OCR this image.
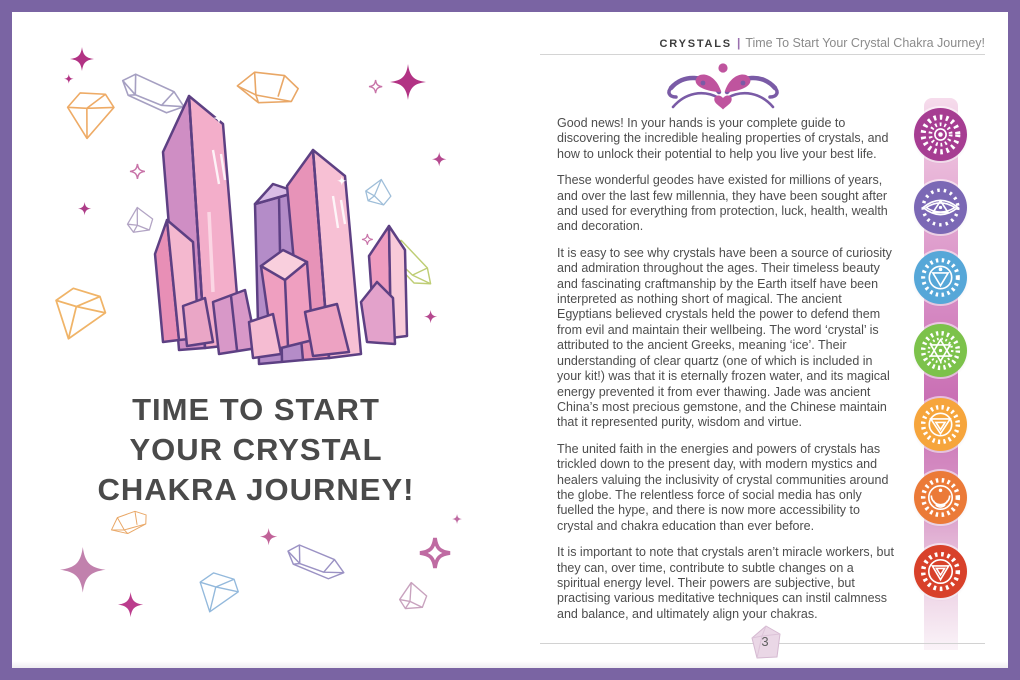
TIME TO START
YOUR CRYSTAL
CHAKRA JOURNEY!
CRYSTALS | Time To Start Your Crystal Chakra Journey!

Good news! In your hands is your complete guide to discovering the incredible healing properties of crystals, and how to unlock their potential to help you live your best life.

These wonderful geodes have existed for millions of years, and over the last few millennia, they have been sought after and used for everything from protection, luck, health, wealth and decoration.

It is easy to see why crystals have been a source of curiosity and admiration throughout the ages. Their timeless beauty and fascinating craftmanship by the Earth itself have been interpreted as nothing short of magical. The ancient Egyptians believed crystals held the power to defend them from evil and maintain their wellbeing. The word ‘crystal’ is attributed to the ancient Greeks, meaning ‘ice’. Their understanding of clear quartz (one of which is included in your kit!) was that it is eternally frozen water, and its magical energy prevented it from ever thawing. Jade was ancient China’s most precious gemstone, and the Chinese maintain that it represented purity, wisdom and virtue.

The united faith in the energies and powers of crystals has trickled down to the present day, with modern mystics and healers valuing the inclusivity of crystal communities around the globe. The relentless force of social media has only fuelled the hype, and there is now more accessibility to crystal and chakra education than ever before.

It is important to note that crystals aren’t miracle workers, but they can, over time, contribute to subtle changes on a spiritual energy level. Their powers are subjective, but practising various meditative techniques can instil calmness and balance, and ultimately align your chakras.

3
